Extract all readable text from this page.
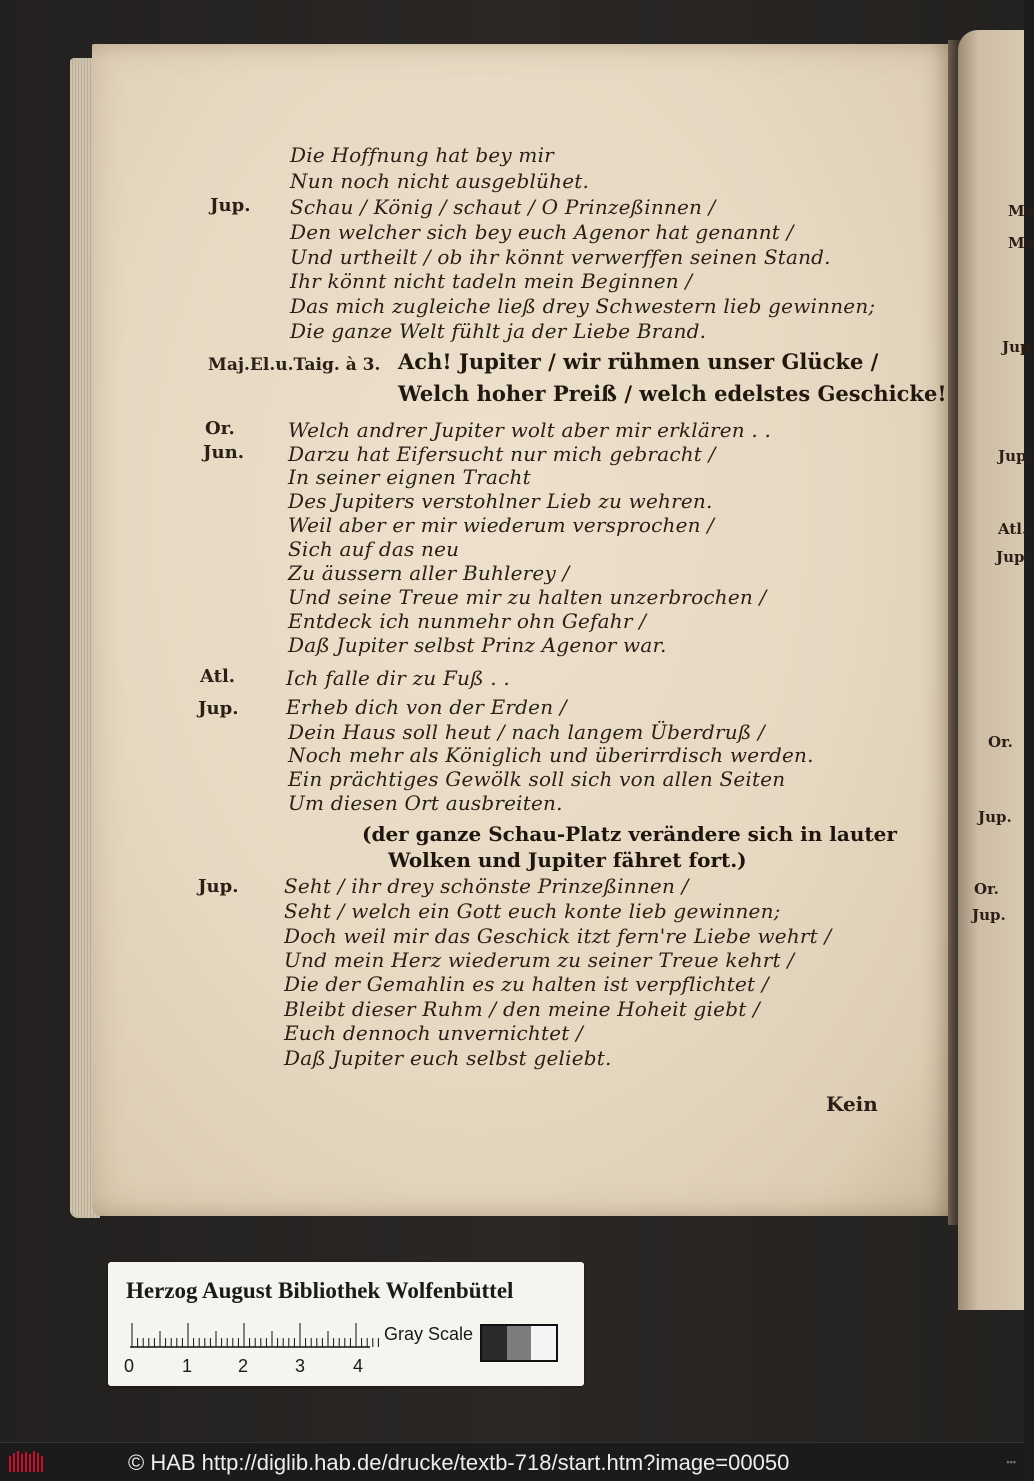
Die Hoffnung hat bey mir
Nun noch nicht ausgeblühet.
Jup. Schau / König / schaut / O Prinzeßinnen /
Den welcher sich bey euch Agenor hat genannt /
Und urtheilt / ob ihr könnt verwerffen seinen Stand.
Ihr könnt nicht tadeln mein Beginnen /
Das mich zugleiche ließ drey Schwestern lieb gewinnen;
Die ganze Welt fühlt ja der Liebe Brand.
Maj.El.u.Taig. à 3. Ach! Jupiter / wir rühmen unser Glücke /
Welch hoher Preiß / welch edelstes Geschicke!
Or.	Welch andrer Jupiter wolt aber mir erklären . .
Jun. Darzu hat Eifersucht nur mich gebracht /
In seiner eignen Tracht
Des Jupiters verstohlner Lieb zu wehren.
Weil aber er mir wiederum versprochen /
Sich auf das neu
Zu äussern aller Buhlerey /
Und seine Treue mir zu halten unzerbrochen /
Entdeck ich nunmehr ohn Gefahr /
Daß Jupiter selbst Prinz Agenor war.
Atl.	Ich falle dir zu Fuß . .
Jup. Erheb dich von der Erden /
Dein Haus soll heut / nach langem Überdruß /
Noch mehr als Königlich und überirrdisch werden.
Ein prächtiges Gewölk soll sich von allen Seiten
Um diesen Ort ausbreiten.
(der ganze Schau-Platz verändere sich in lauter
Wolken und Jupiter fähret fort.)
Jup. Seht / ihr drey schönste Prinzeßinnen /
Seht / welch ein Gott euch konte lieb gewinnen;
Doch weil mir das Geschick itzt fern're Liebe wehrt /
Und mein Herz wiederum zu seiner Treue kehrt /
Die der Gemahlin es zu halten ist verpflichtet /
Bleibt dieser Ruhm / den meine Hoheit giebt /
Euch dennoch unvernichtet /
Daß Jupiter euch selbst geliebt.
Kein
Ma
Ma
Jup
Jup.
Atl.
Jup.
Or.
Jup.
Or.
Jup.
Herzog August Bibliothek Wolfenbüttel
0	1	2	3	4
Gray Scale
© HAB http://diglib.hab.de/drucke/textb-718/start.htm?image=00050	▪▪▪
